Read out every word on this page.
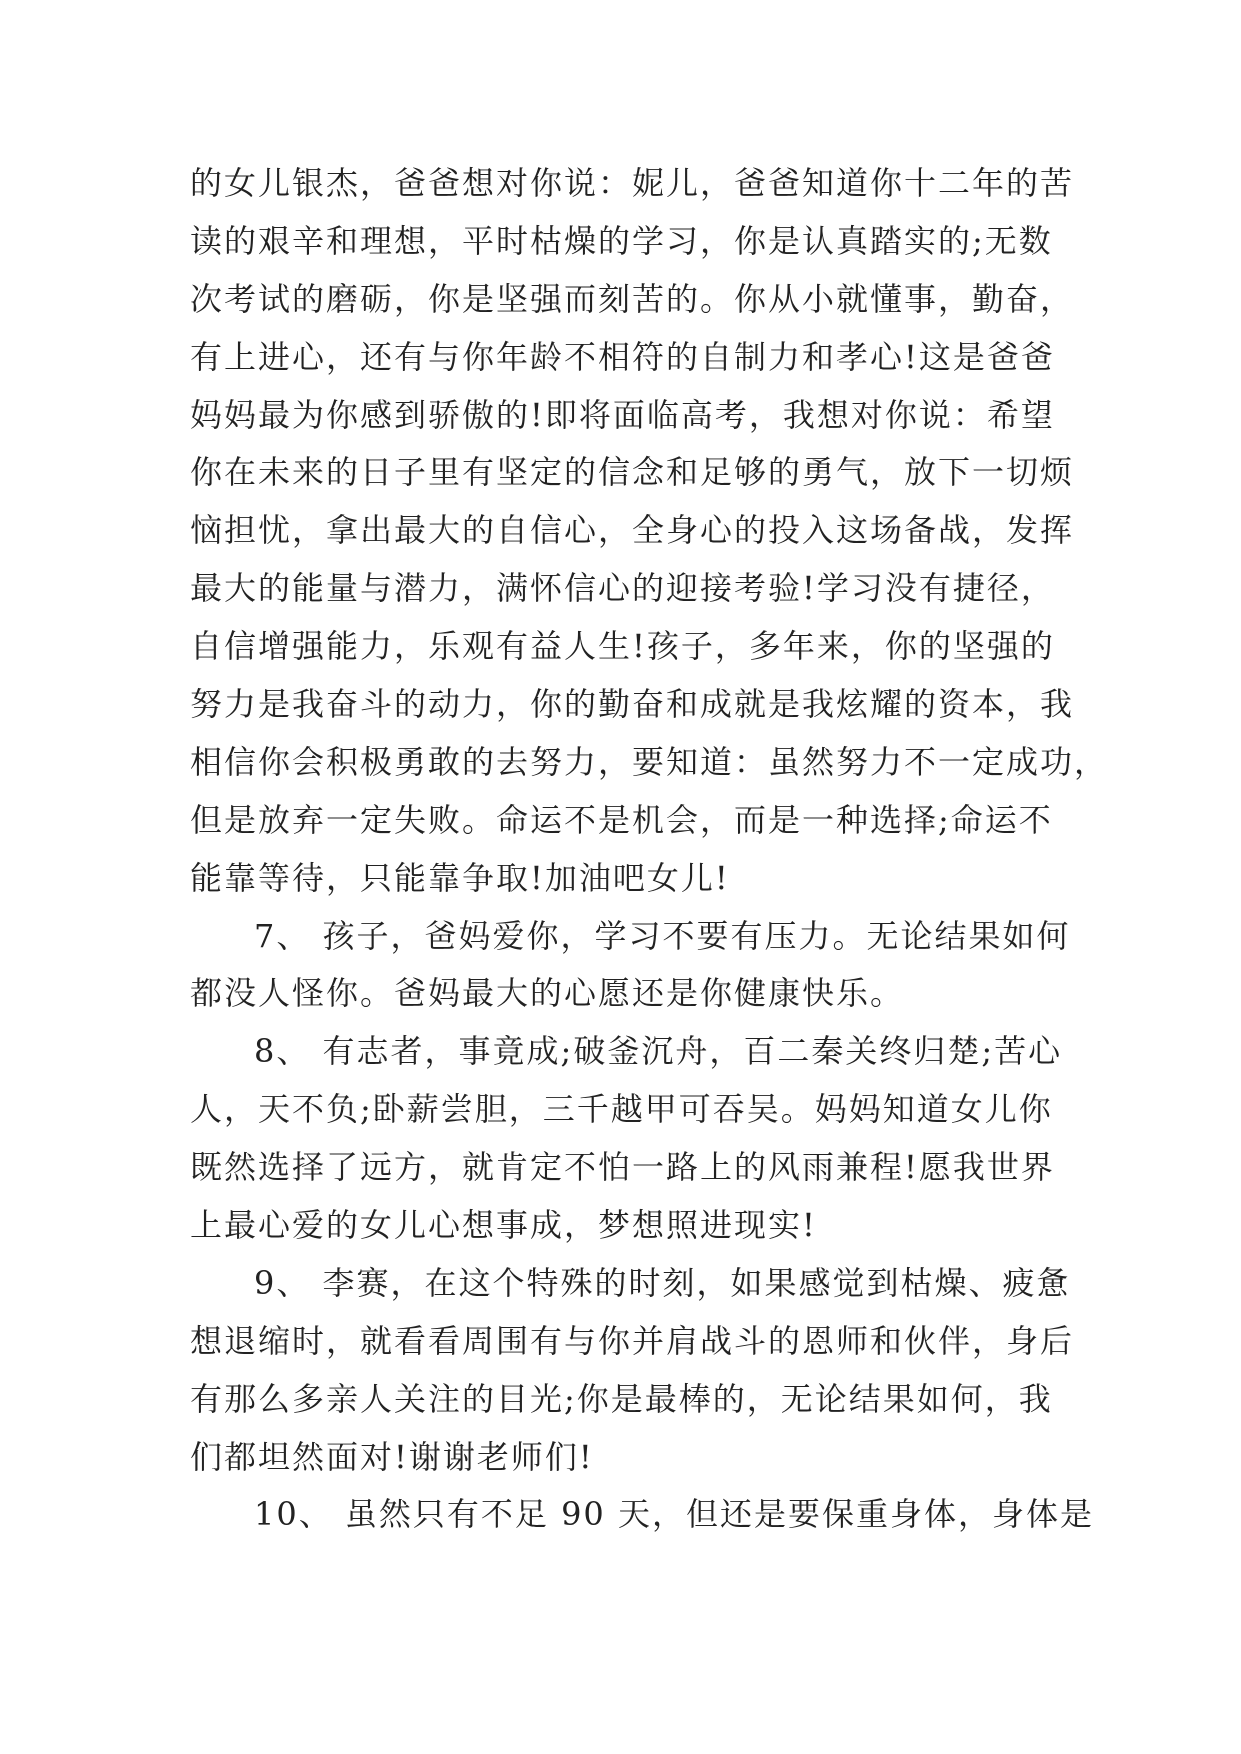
的女儿银杰，爸爸想对你说：妮儿，爸爸知道你十二年的苦
读的艰辛和理想，平时枯燥的学习，你是认真踏实的;无数
次考试的磨砺，你是坚强而刻苦的。你从小就懂事，勤奋，
有上进心，还有与你年龄不相符的自制力和孝心!这是爸爸
妈妈最为你感到骄傲的!即将面临高考，我想对你说：希望
你在未来的日子里有坚定的信念和足够的勇气，放下一切烦
恼担忧，拿出最大的自信心，全身心的投入这场备战，发挥
最大的能量与潜力，满怀信心的迎接考验!学习没有捷径，
自信增强能力，乐观有益人生!孩子，多年来，你的坚强的
努力是我奋斗的动力，你的勤奋和成就是我炫耀的资本，我
相信你会积极勇敢的去努力，要知道：虽然努力不一定成功，
但是放弃一定失败。命运不是机会，而是一种选择;命运不
能靠等待，只能靠争取!加油吧女儿!
7、 孩子，爸妈爱你，学习不要有压力。无论结果如何
都没人怪你。爸妈最大的心愿还是你健康快乐。
8、 有志者，事竟成;破釜沉舟，百二秦关终归楚;苦心
人，天不负;卧薪尝胆，三千越甲可吞吴。妈妈知道女儿你
既然选择了远方，就肯定不怕一路上的风雨兼程!愿我世界
上最心爱的女儿心想事成，梦想照进现实!
9、 李赛，在这个特殊的时刻，如果感觉到枯燥、疲惫
想退缩时，就看看周围有与你并肩战斗的恩师和伙伴，身后
有那么多亲人关注的目光;你是最棒的，无论结果如何，我
们都坦然面对!谢谢老师们!
10、 虽然只有不足 90 天，但还是要保重身体，身体是
